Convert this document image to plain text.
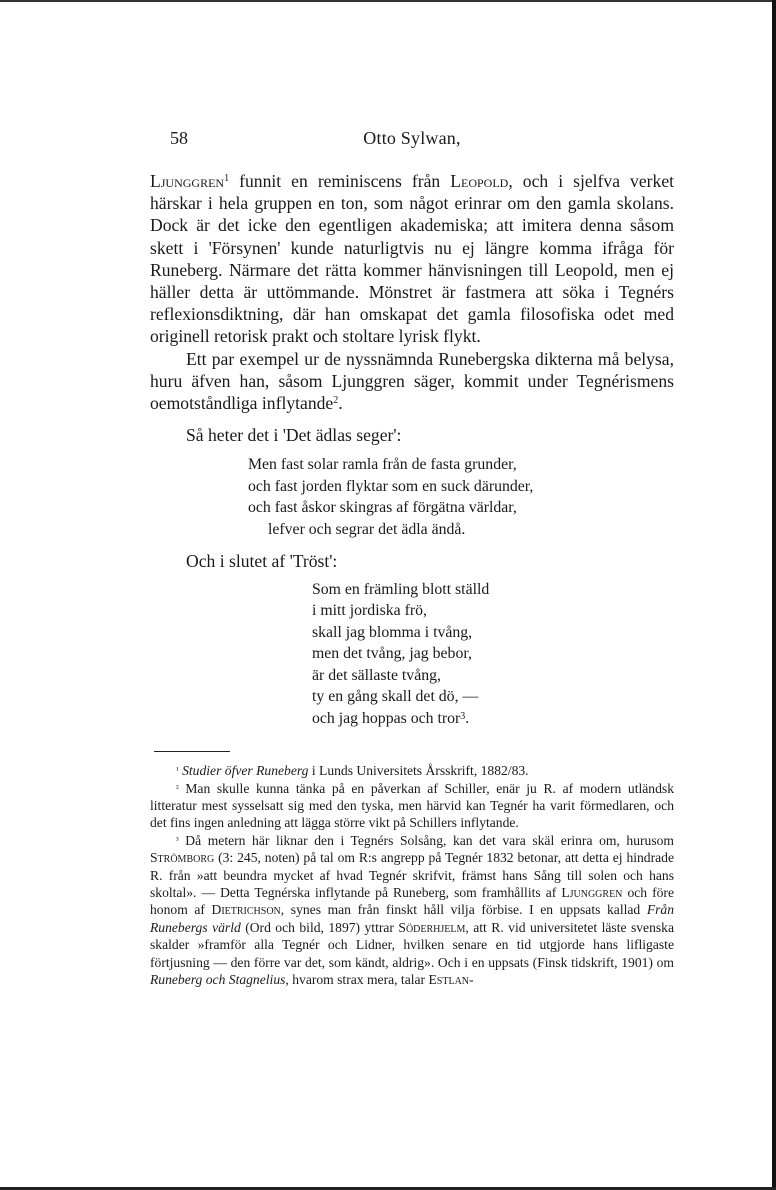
58	Otto Sylwan,

Ljunggren$^1$ funnit en reminiscens från Leopold, och i sjelfva verket härskar i hela gruppen en ton, som något erinrar om den gamla skolans. Dock är det icke den egentligen akademiska; att imitera denna såsom skett i 'Försynen' kunde naturligtvis nu ej längre komma ifråga för Runeberg. Närmare det rätta kommer hänvisningen till Leopold, men ej häller detta är uttömmande. Mönstret är fastmera att söka i Tegnérs reflexionsdiktning, där han omskapat det gamla filosofiska odet med originell retorisk prakt och stoltare lyrisk flykt.

Ett par exempel ur de nyssnämnda Runebergska dikterna må belysa, huru äfven han, såsom Ljunggren säger, kommit under Tegnérismens oemotståndliga inflytande$^2$.

Så heter det i 'Det ädlas seger':

Men fast solar ramla från de fasta grunder,
och fast jorden flyktar som en suck därunder,
och fast åskor skingras af förgätna världar,
lefver och segrar det ädla ändå.

Och i slutet af 'Tröst':

Som en främling blott ställd
i mitt jordiska frö,
skall jag blomma i tvång,
men det tvång, jag bebor,
är det sällaste tvång,
ty en gång skall det dö, —
och jag hoppas och tror$^3$.

$^{^1}$ Studier öfver Runeberg i Lunds Universitets Årsskrift, 1882/83.

$^{^2}$ Man skulle kunna tänka på en påverkan af Schiller, enär ju R. af modern utländsk litteratur mest sysselsatt sig med den tyska, men härvid kan Tegnér ha varit förmedlaren, och det fins ingen anledning att lägga större vikt på Schillers inflytande.

$^{^3}$ Då metern här liknar den i Tegnérs Solsång, kan det vara skäl erinra om, hurusom Strömborg (3: 245, noten) på tal om R:s angrepp på Tegnér 1832 betonar, att detta ej hindrade R. från »att beundra mycket af hvad Tegnér skrifvit, främst hans Sång till solen och hans skoltal». — Detta Tegnérska inflytande på Runeberg, som framhållits af Ljunggren och före honom af Dietrichson, synes man från finskt håll vilja förbise. I en uppsats kallad Från Runebergs värld (Ord och bild, 1897) yttrar Söderhjelm, att R. vid universitetet läste svenska skalder »framför alla Tegnér och Lidner, hvilken senare en tid utgjorde hans lifligaste förtjusning — den förre var det, som kändt, aldrig». Och i en uppsats (Finsk tidskrift, 1901) om Runeberg och Stagnelius, hvarom strax mera, talar Estlan-
